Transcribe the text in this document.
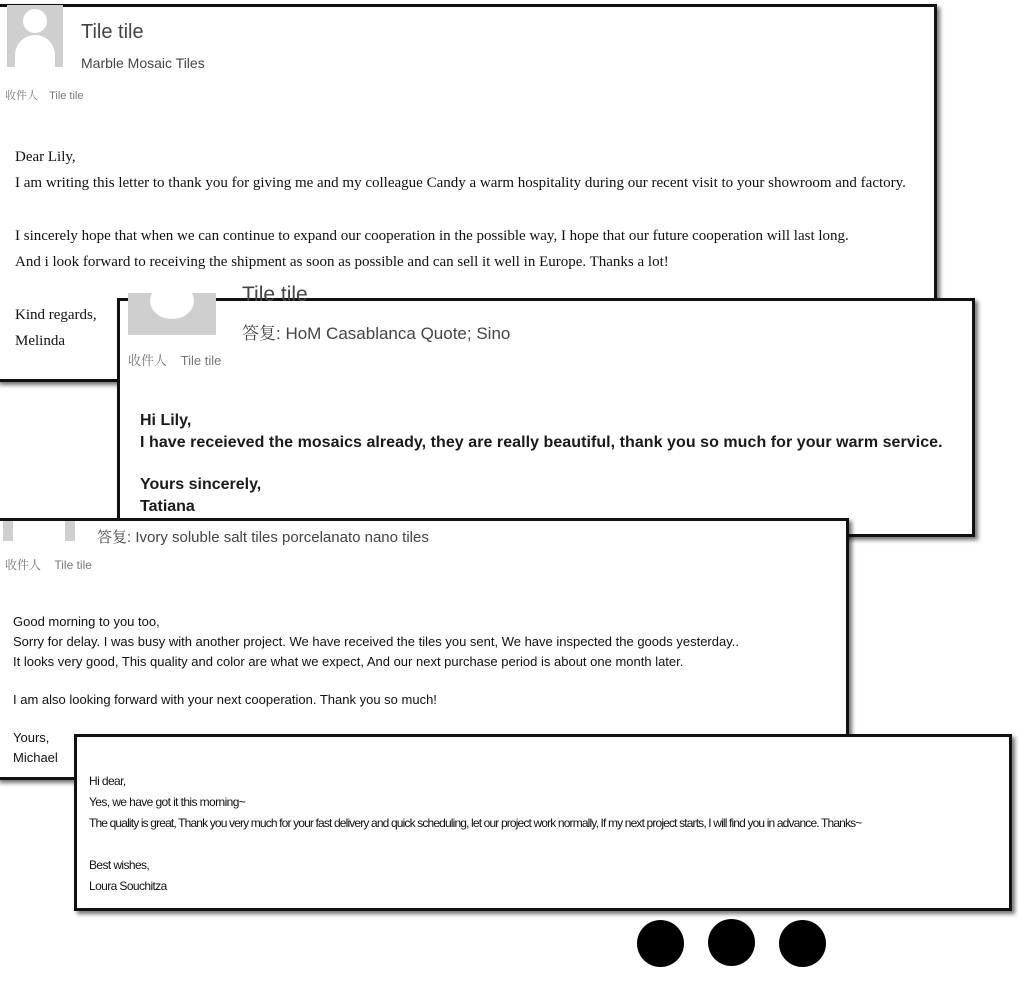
Tile tile
Marble Mosaic Tiles
收件人 Tile tile
Dear Lily,
I am writing this letter to thank you for giving me and my colleague Candy a warm hospitality during our recent visit to your showroom and factory.
I sincerely hope that when we can continue to expand our cooperation in the possible way, I hope that our future cooperation will last long.
And i look forward to receiving the shipment as soon as possible and can sell it well in Europe. Thanks a lot!
Kind regards,
Melinda
Tile tile
答复: HoM Casablanca Quote; Sino
收件人 Tile tile
Hi Lily,
I have receieved the mosaics already, they are really beautiful, thank you so much for your warm service.
Yours sincerely,
Tatiana
答复: Ivory soluble salt tiles porcelanato nano tiles
收件人 Tile tile
Good morning to you too,
Sorry for delay. I was busy with another project. We have received the tiles you sent, We have inspected the goods yesterday..
It looks very good, This quality and color are what we expect, And our next purchase period is about one month later.
I am also looking forward with your next cooperation. Thank you so much!
Yours,
Michael
Hi dear,
Yes, we have got it this morning~
The quality is great, Thank you very much for your fast delivery and quick scheduling, let our project work normally, If my next project starts, I will find you in advance. Thanks~
Best wishes,
Loura Souchitza
